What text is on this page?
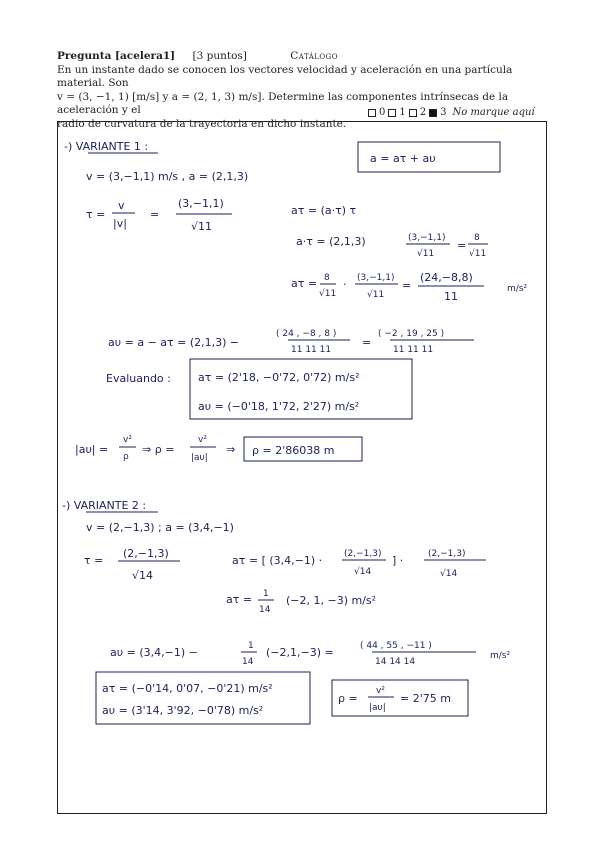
Pregunta [acelera1] [3 puntos]	Catálogo

En un instante dado se conocen los vectores velocidad y aceleración en una partícula material. Son

v = (3, −1, 1) [m/s] y a = (2, 1, 3) m/s]. Determine las componentes intrínsecas de la aceleración y el

radio de curvatura de la trayectoria en dicho instante.

0 1 2 3 No marque aquí
-) VARIANTE 1 :
a = aτ + aυ
v = (3,−1,1) m/s , a = (2,1,3)
τ =
v
|v|
=
(3,−1,1)
√11
aτ = (a·τ) τ
a·τ = (2,1,3)	(3,−1,1)
√11
=
8
√11
aτ = 8
√11
· (3,−1,1)
√11
=
(24,−8,8)
11
m/s²
aυ = a − aτ = (2,1,3) −
( 24 , −8 , 8 )
11 11 11
=
( −2 , 19 , 25 )
11 11 11
Evaluando : aτ = (2'18, −0'72, 0'72) m/s²
aυ = (−0'18, 1'72, 2'27) m/s²
|aυ| =
v²
ρ
⇒ ρ =
v²
|aυ|
⇒ ρ = 2'86038 m
-) VARIANTE 2 :
v = (2,−1,3) ; a = (3,4,−1)
τ =
(2,−1,3)
√14
aτ = [ (3,4,−1) · (2,−1,3)
√14
] ·	(2,−1,3)
√14
aτ = 1
14
(−2, 1, −3) m/s²
aυ = (3,4,−1) −	1
14
(−2,1,−3) =	( 44 , 55 , −11 )
14 14 14
m/s²
aτ = (−0'14, 0'07, −0'21) m/s²
aυ = (3'14, 3'92, −0'78) m/s²
ρ =
v²
|aυ|
= 2'75 m
